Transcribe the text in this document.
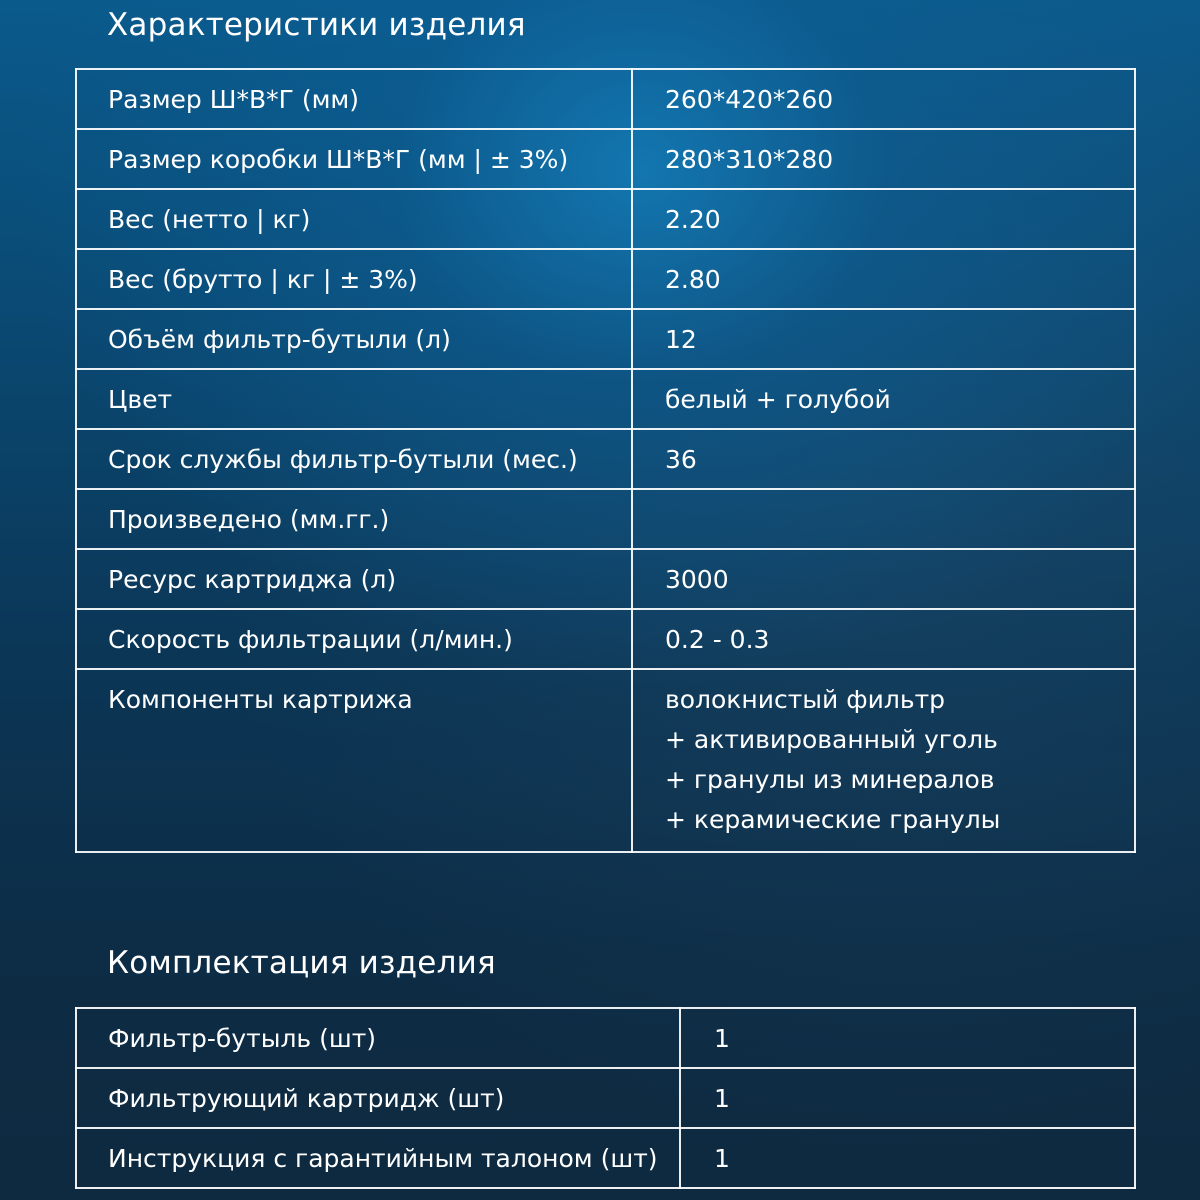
Характеристики изделия
Размер Ш*В*Г (мм)	260*420*260

Размер коробки Ш*В*Г (мм | ± 3%)	280*310*280

Вес (нетто | кг)	2.20

Вес (брутто | кг | ± 3%)	2.80

Объём фильтр-бутыли (л)	12

Цвет	белый + голубой

Срок службы фильтр-бутыли (мес.)	36

Произведено (мм.гг.)	

Ресурс картриджа (л)	3000

Скорость фильтрации (л/мин.)	0.2 - 0.3

Компоненты картрижа	волокнистый фильтр
+ активированный уголь
+ гранулы из минералов
+ керамические гранулы
Комплектация изделия
Фильтр-бутыль (шт)	1

Фильтрующий картридж (шт)	1

Инструкция с гарантийным талоном (шт)	1
